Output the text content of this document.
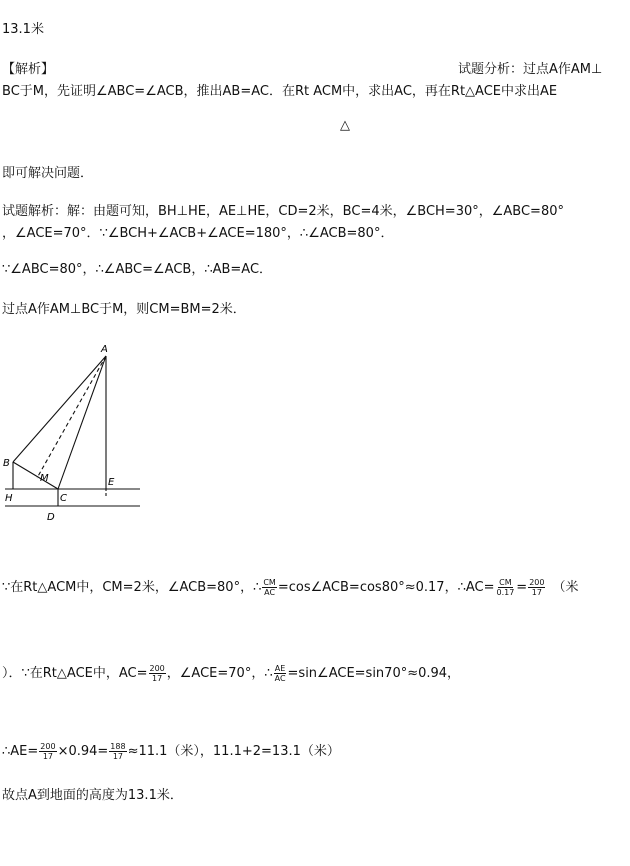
13.1米
【解析】	试题分析：过点A作AM⊥
BC于M，先证明∠ABC=∠ACB，推出AB=AC．在Rt ACM中，求出AC，再在Rt△ACE中求出AE
△
即可解决问题．
试题解析：解：由题可知，BH⊥HE，AE⊥HE，CD=2米，BC=4米，∠BCH=30°，∠ABC=80°
，∠ACE=70°．∵∠BCH+∠ACB+∠ACE=180°，∴∠ACB=80°．
∵∠ABC=80°，∴∠ABC=∠ACB，∴AB=AC．
过点A作AM⊥BC于M，则CM=BM=2米．
A
B
M
H	C
E
D
∵在Rt△ACM中，CM=2米，∠ACB=80°，∴ $\frac{CM}{AC}$ =cos∠ACB=cos80°≈0.17，∴AC= $\frac{CM}{0.17} = \frac{200}{17}$ （米
）．∵在Rt△ACE中，$AC= \frac{200}{17}$ ，∠ACE=70°，∴ $\frac{AE}{AC}$ =sin∠ACE=sin70°≈0.94，
∴AE= $\frac{200}{17} \times 0.94= \frac{188}{17} \approx 11.1$（米），11.1+2=13.1（米）
故点A到地面的高度为13.1米．
